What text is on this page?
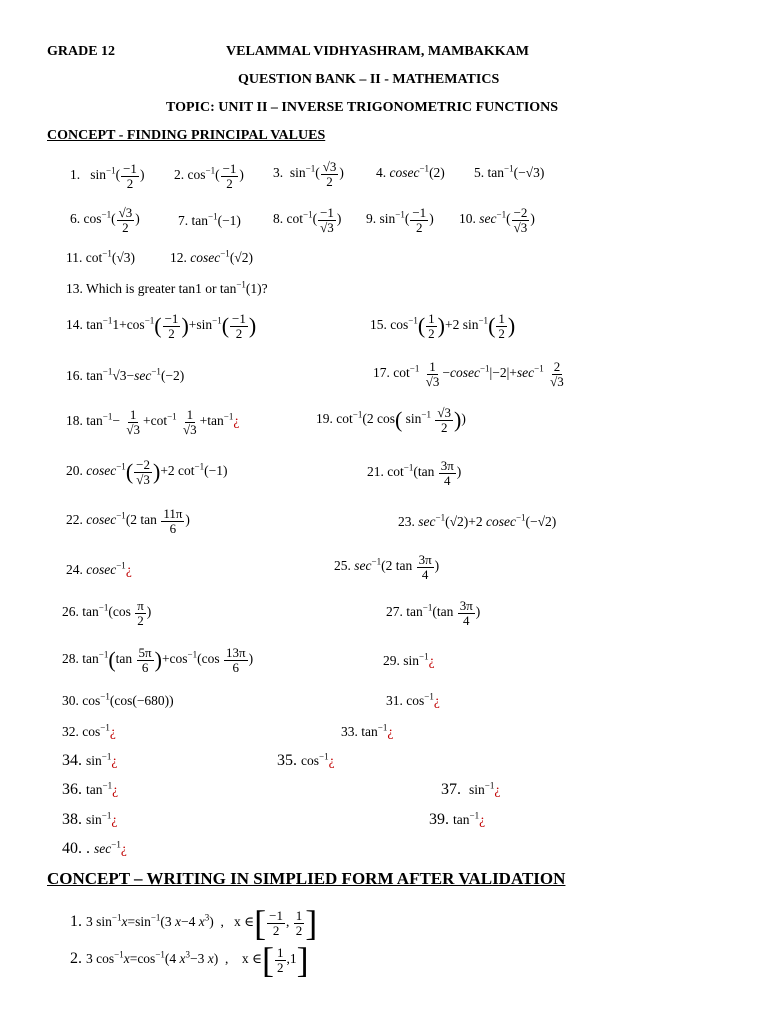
GRADE 12	VELAMMAL VIDHYASHRAM, MAMBAKKAM
QUESTION BANK – II - MATHEMATICS
TOPIC: UNIT II – INVERSE TRIGONOMETRIC FUNCTIONS
CONCEPT - FINDING PRINCIPAL VALUES
1.   $\sin^{-1}( \frac{-1}{2}$ ) 2. $\cos^{-1}( \frac{-1}{2}$ ) 3.  $\sin^{-1}( \frac{√3}{2}$ ) 4. cosec$^{-1}$(2) 5. $\tan^{-1}(-√3)$
6. $\cos^{-1}( \frac{√3}{2}$ )	7. $\tan^{-1}(-1)$ 8. $\cot^{-1}( \frac{-1}{√3}$ ) 9. $\sin^{-1}( \frac{-1}{2}$ ) 10. $\sec^{-1}( \frac{-2}{√3}$ )
11. $\cot^{-1}(√3)$	12. cosec$^{-1}$(√2)
13. Which is greater tan1 or $\tan^{-1}(1)$?
14. $\tan^{-1}1+\cos^{-1}( \frac{-1}{2} )+\sin^{-1}( \frac{-1}{2}$ )	15. $\cos^{-1}( \frac{1}{2} )+2$ $\sin^{-1}( \frac{1}{2}$ )
16. $\tan^{-1}√3-\sec^{-1}(-2)$	17. $\cot^{-1} \frac{1}{√3} -cosec^{-1}|-2|+\sec^{-1} \frac{2}{√3}$
18. $\tan^{-1}- \frac{1}{√3} +\cot^{-1} \frac{1}{√3}$ $+\tan^{-1}¿$	19. $\cot^{-1}(2$ cos( $\sin^{-1} \frac{√3}{2}$ ))
20. $cosec^{-1}( \frac{-2}{√3} )+2$ $\cot^{-1}(-1)$	21. $\cot^{-1}(\tan \frac{3\pi}{4}$ )
22. cosec$^{-1}$(2 $\tan \frac{11\pi}{6}$ )	23. $\sec^{-1}(√2)+2$ cosec$^{-1}$(−√2)
24. cosec$^{-1}$¿	25. $\sec^{-1}(2$ $\tan \frac{3\pi}{4}$ )
26. $\tan^{-1}(\cos \frac{\pi}{2}$ )	27. $\tan^{-1}(\tan \frac{3\pi}{4}$ )
28. $\tan^{-1}(\tan \frac{5\pi}{6} )+\cos^{-1}(\cos \frac{13\pi}{6}$ )	29. $\sin^{-1}¿$
30. $\cos^{-1}(\cos(-680))$	31. $\cos^{-1}¿$
32. $\cos^{-1}¿$	33. $\tan^{-1}¿$
34. $\sin^{-1}¿$	35. $\cos^{-1}¿$
36. $\tan^{-1}¿$	37. $\sin^{-1}¿$
38. $\sin^{-1}¿$	39. $\tan^{-1}¿$
40. . $\sec^{-1}¿$
CONCEPT – WRITING IN SIMPLIED FORM AFTER VALIDATION
1. 3 $\sin^{-1}x=\sin^{-1}(3$ x−4 $x^3$)  ,   x ∈[ $\frac{-1}{2}$ , $\frac{1}{2}$ ]
2. 3 $\cos^{-1}x=\cos^{-1}(4$ $x^3-3$ x)  ,    x ∈[ $\frac{1}{2} ,1$]
